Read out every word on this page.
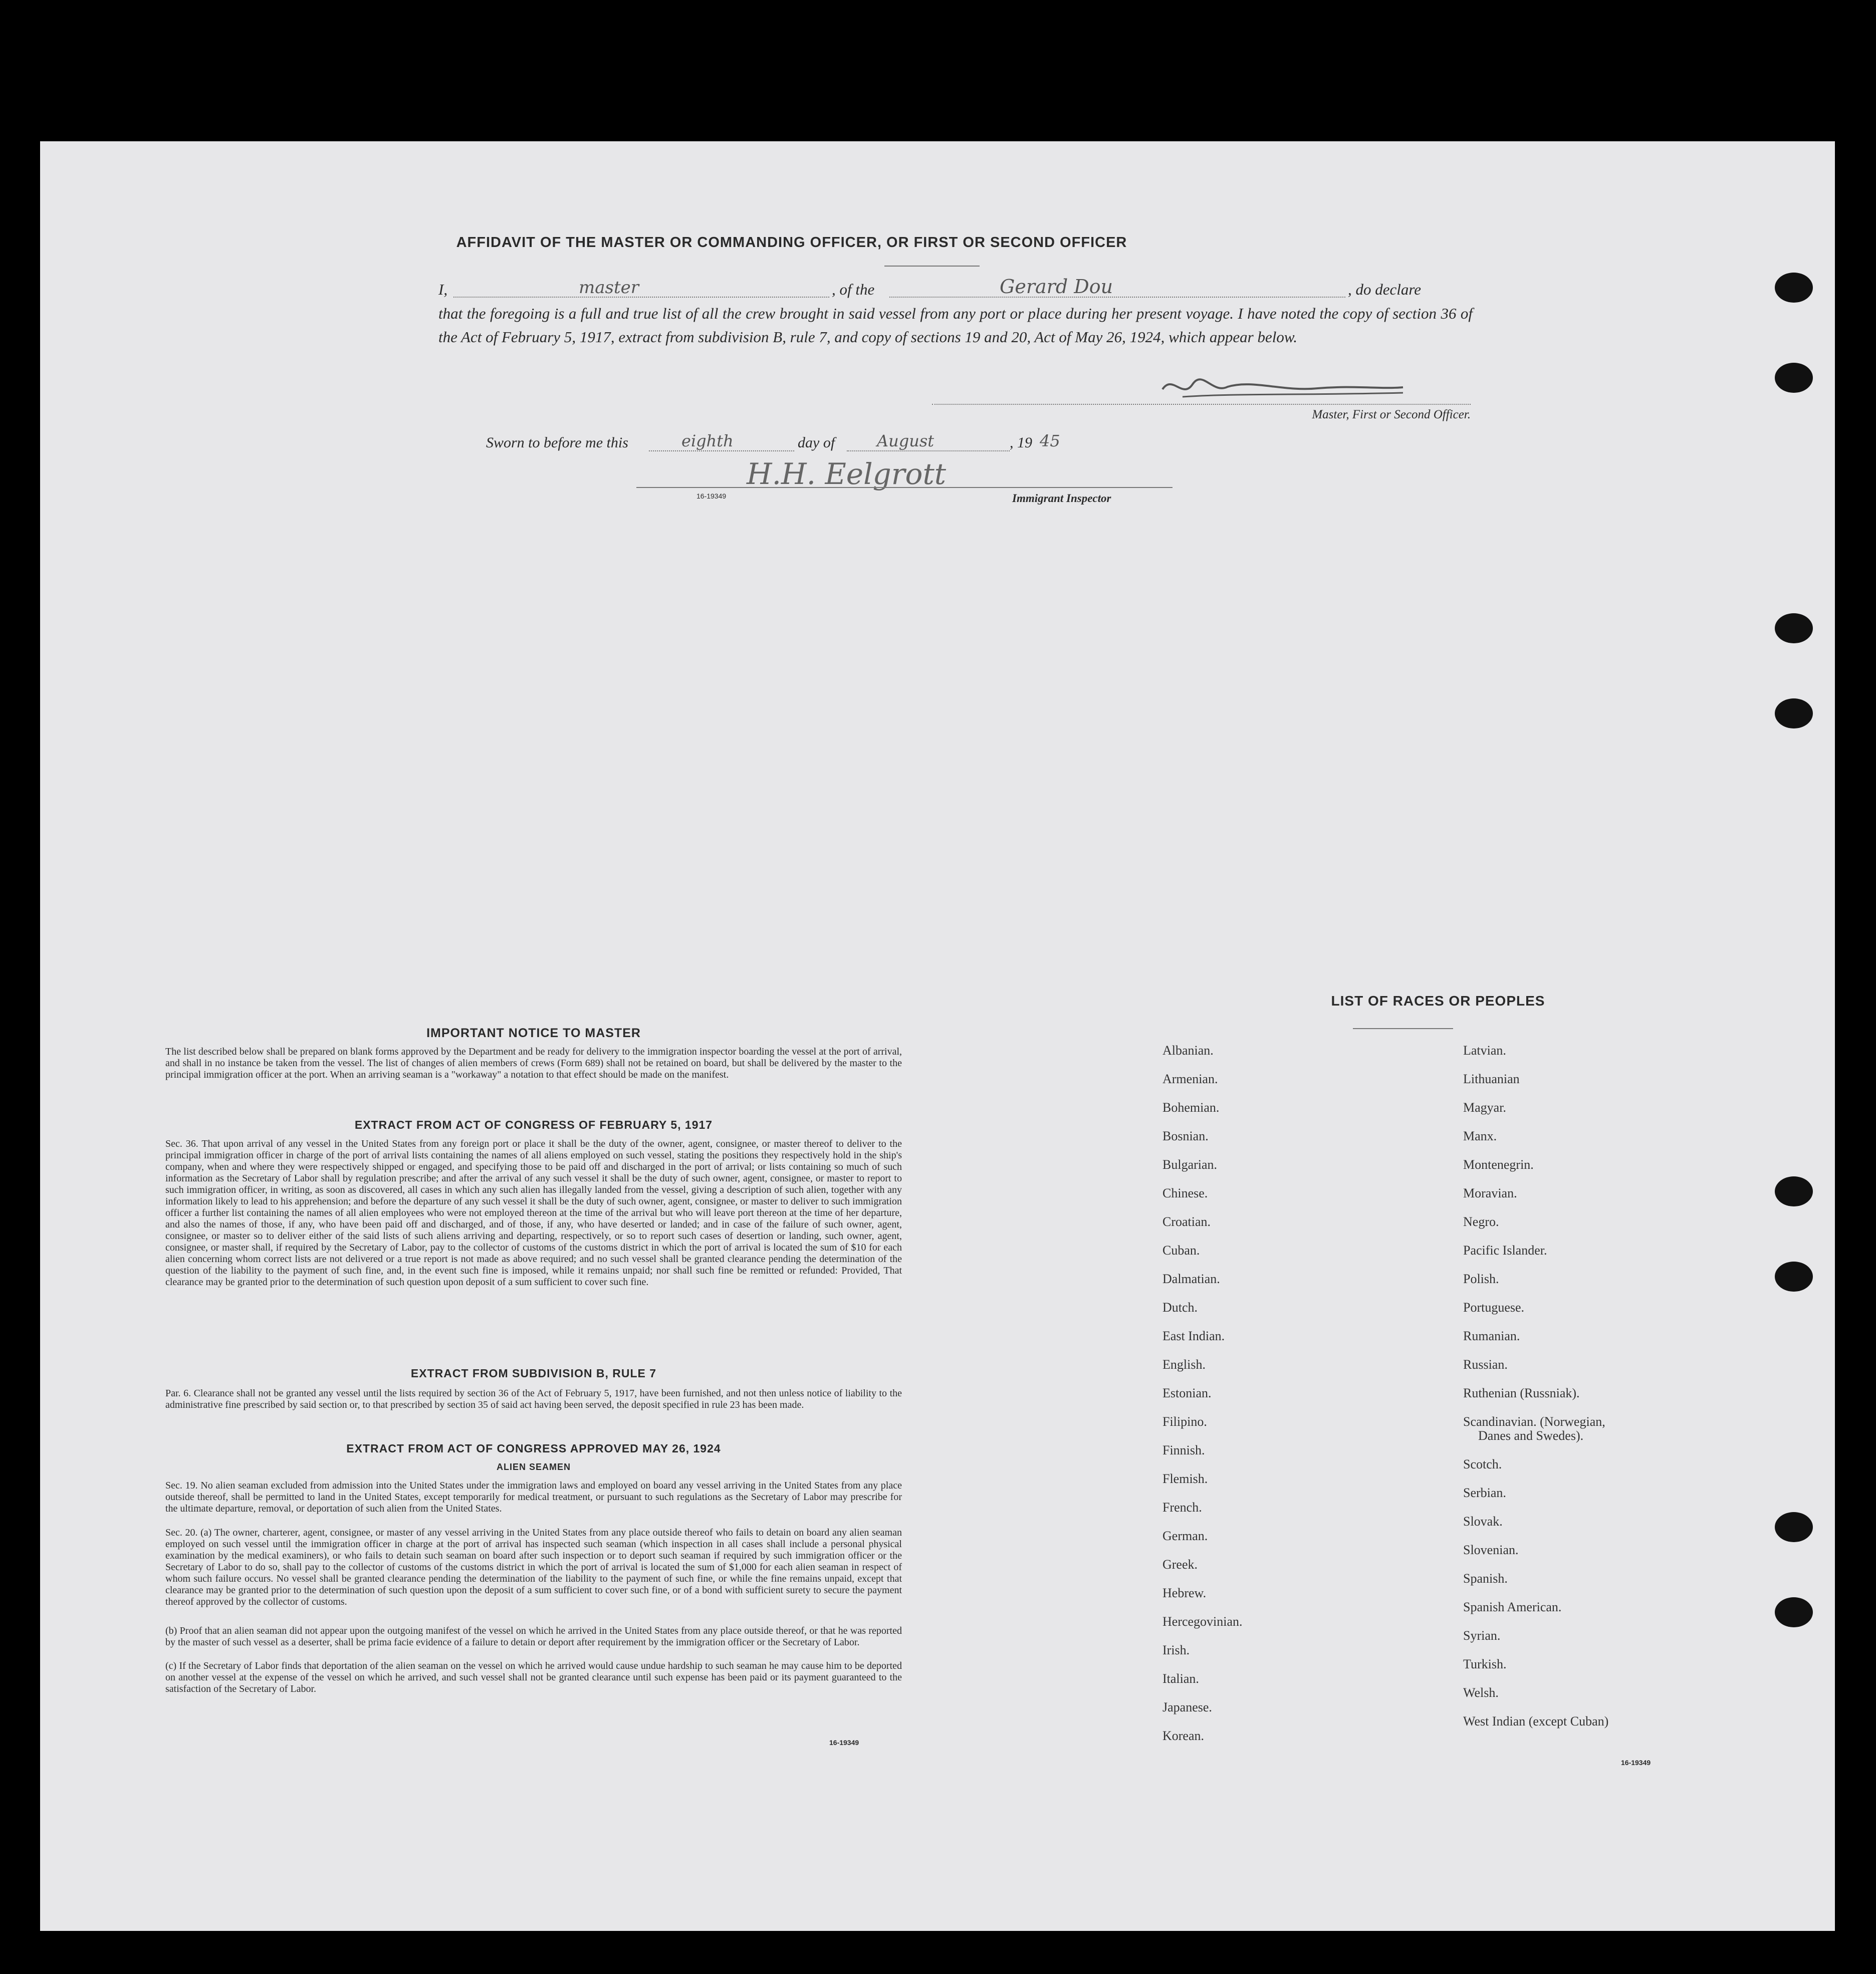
AFFIDAVIT OF THE MASTER OR COMMANDING OFFICER, OR FIRST OR SECOND OFFICER
I,	master	, of the	Gerard Dou	, do declare
that the foregoing is a full and true list of all the crew brought in said vessel from any port or place during her present voyage. I have noted the copy of section 36 of the Act of February 5, 1917, extract from subdivision B, rule 7, and copy of sections 19 and 20, Act of May 26, 1924, which appear below.
Master, First or Second Officer.
Sworn to before me this	eighth	day of	August	, 19 45
H.H. Eelgrott
16-19349	Immigrant Inspector
IMPORTANT NOTICE TO MASTER
The list described below shall be prepared on blank forms approved by the Department and be ready for delivery to the immigration inspector boarding the vessel at the port of arrival, and shall in no instance be taken from the vessel. The list of changes of alien members of crews (Form 689) shall not be retained on board, but shall be delivered by the master to the principal immigration officer at the port. When an arriving seaman is a "workaway" a notation to that effect should be made on the manifest.
EXTRACT FROM ACT OF CONGRESS OF FEBRUARY 5, 1917
Sec. 36. That upon arrival of any vessel in the United States from any foreign port or place it shall be the duty of the owner, agent, consignee, or master thereof to deliver to the principal immigration officer in charge of the port of arrival lists containing the names of all aliens employed on such vessel, stating the positions they respectively hold in the ship's company, when and where they were respectively shipped or engaged, and specifying those to be paid off and discharged in the port of arrival; or lists containing so much of such information as the Secretary of Labor shall by regulation prescribe; and after the arrival of any such vessel it shall be the duty of such owner, agent, consignee, or master to report to such immigration officer, in writing, as soon as discovered, all cases in which any such alien has illegally landed from the vessel, giving a description of such alien, together with any information likely to lead to his apprehension; and before the departure of any such vessel it shall be the duty of such owner, agent, consignee, or master to deliver to such immigration officer a further list containing the names of all alien employees who were not employed thereon at the time of the arrival but who will leave port thereon at the time of her departure, and also the names of those, if any, who have been paid off and discharged, and of those, if any, who have deserted or landed; and in case of the failure of such owner, agent, consignee, or master so to deliver either of the said lists of such aliens arriving and departing, respectively, or so to report such cases of desertion or landing, such owner, agent, consignee, or master shall, if required by the Secretary of Labor, pay to the collector of customs of the customs district in which the port of arrival is located the sum of $10 for each alien concerning whom correct lists are not delivered or a true report is not made as above required; and no such vessel shall be granted clearance pending the determination of the question of the liability to the payment of such fine, and, in the event such fine is imposed, while it remains unpaid; nor shall such fine be remitted or refunded: Provided, That clearance may be granted prior to the determination of such question upon deposit of a sum sufficient to cover such fine.
EXTRACT FROM SUBDIVISION B, RULE 7
Par. 6. Clearance shall not be granted any vessel until the lists required by section 36 of the Act of February 5, 1917, have been furnished, and not then unless notice of liability to the administrative fine prescribed by said section or, to that prescribed by section 35 of said act having been served, the deposit specified in rule 23 has been made.
EXTRACT FROM ACT OF CONGRESS APPROVED MAY 26, 1924
ALIEN SEAMEN
Sec. 19. No alien seaman excluded from admission into the United States under the immigration laws and employed on board any vessel arriving in the United States from any place outside thereof, shall be permitted to land in the United States, except temporarily for medical treatment, or pursuant to such regulations as the Secretary of Labor may prescribe for the ultimate departure, removal, or deportation of such alien from the United States.
Sec. 20. (a) The owner, charterer, agent, consignee, or master of any vessel arriving in the United States from any place outside thereof who fails to detain on board any alien seaman employed on such vessel until the immigration officer in charge at the port of arrival has inspected such seaman (which inspection in all cases shall include a personal physical examination by the medical examiners), or who fails to detain such seaman on board after such inspection or to deport such seaman if required by such immigration officer or the Secretary of Labor to do so, shall pay to the collector of customs of the customs district in which the port of arrival is located the sum of $1,000 for each alien seaman in respect of whom such failure occurs. No vessel shall be granted clearance pending the determination of the liability to the payment of such fine, or while the fine remains unpaid, except that clearance may be granted prior to the determination of such question upon the deposit of a sum sufficient to cover such fine, or of a bond with sufficient surety to secure the payment thereof approved by the collector of customs.
(b) Proof that an alien seaman did not appear upon the outgoing manifest of the vessel on which he arrived in the United States from any place outside thereof, or that he was reported by the master of such vessel as a deserter, shall be prima facie evidence of a failure to detain or deport after requirement by the immigration officer or the Secretary of Labor.
(c) If the Secretary of Labor finds that deportation of the alien seaman on the vessel on which he arrived would cause undue hardship to such seaman he may cause him to be deported on another vessel at the expense of the vessel on which he arrived, and such vessel shall not be granted clearance until such expense has been paid or its payment guaranteed to the satisfaction of the Secretary of Labor.
16-19349
LIST OF RACES OR PEOPLES
16-19349
Albanian.
Armenian.
Bohemian.
Bosnian.
Bulgarian.
Chinese.
Croatian.
Cuban.
Dalmatian.
Dutch.
East Indian.
English.
Estonian.
Filipino.
Finnish.
Flemish.
French.
German.
Greek.
Hebrew.
Hercegovinian.
Irish.
Italian.
Japanese.
Korean.
Latvian.
Lithuanian
Magyar.
Manx.
Montenegrin.
Moravian.
Negro.
Pacific Islander.
Polish.
Portuguese.
Rumanian.
Russian.
Ruthenian (Russniak).
Scandinavian. (Norwegian,
Danes and Swedes).
Scotch.
Serbian.
Slovak.
Slovenian.
Spanish.
Spanish American.
Syrian.
Turkish.
Welsh.
West Indian (except Cuban)
